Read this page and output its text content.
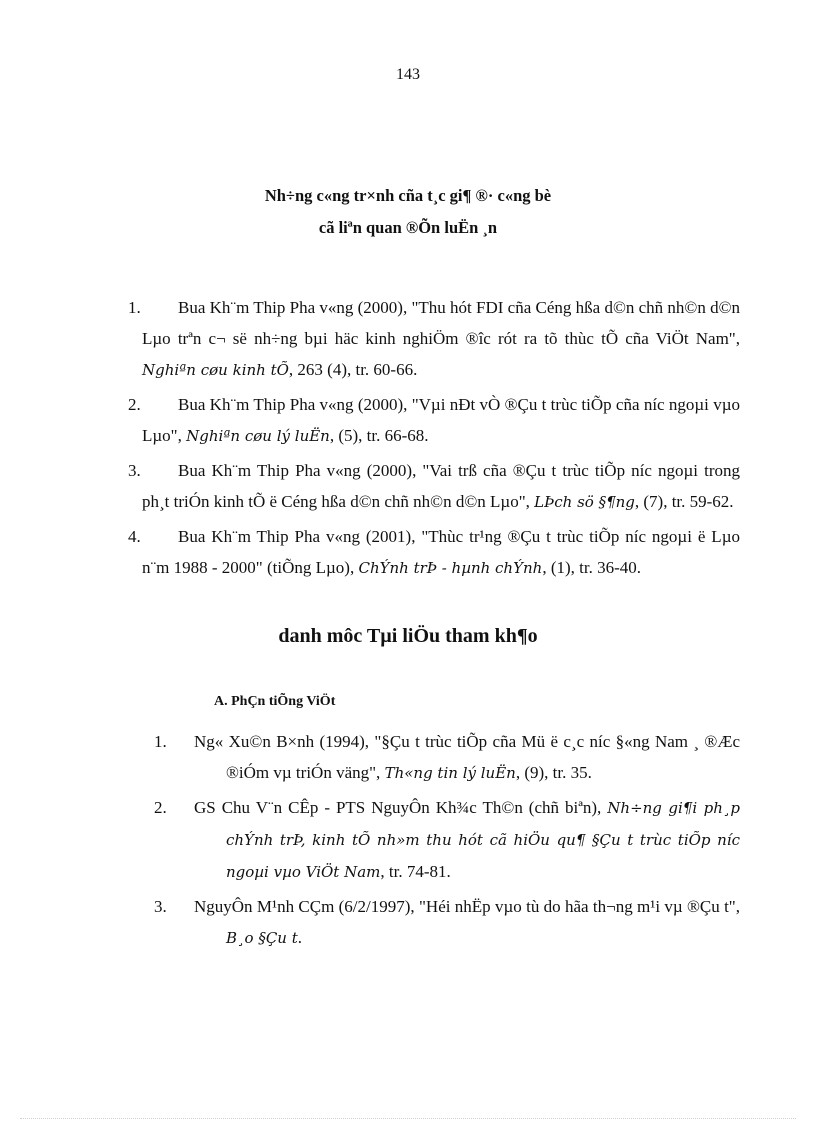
143
Nh÷ng c«ng tr×nh cña t¸c gi¶ ®· c«ng bè
cã liªn quan ®Õn luËn ¸n
1.	Bua Kh¨m Thip Pha v«ng (2000), "Thu hót FDI cña Céng hßa d©n chñ nh©n d©n Lµo trªn c¬ së nh÷ng bµi häc kinh nghiÖm ®îc rót ra tõ thùc tÕ cña ViÖt Nam", Nghiªn cøu kinh tÕ, 263 (4), tr. 60-66.
2.	Bua Kh¨m Thip Pha v«ng (2000), "Vµi nÐt vÒ ®Çu t trùc tiÕp cña níc ngoµi vµo Lµo", Nghiªn cøu lý luËn, (5), tr. 66-68.
3.	Bua Kh¨m Thip Pha v«ng (2000), "Vai trß cña ®Çu t trùc tiÕp níc ngoµi trong ph¸t triÓn kinh tÕ ë Céng hßa d©n chñ nh©n d©n Lµo", LÞch sö §¶ng, (7), tr. 59-62.
4.	Bua Kh¨m Thip Pha v«ng (2001), "Thùc tr¹ng ®Çu t trùc tiÕp níc ngoµi ë Lµo n¨m 1988 - 2000" (tiÕng Lµo), ChÝnh trÞ - hµnh chÝnh, (1), tr. 36-40.
danh môc Tµi liÖu tham kh¶o
A. PhÇn tiÕng ViÖt
1.	Ng« Xu©n B×nh (1994), "§Çu t trùc tiÕp cña Mü ë c¸c níc §«ng Nam ¸ ®Æc ®iÓm vµ triÓn väng", Th«ng tin lý luËn, (9), tr. 35.
2.	GS Chu V¨n CÊp - PTS NguyÔn Kh¾c Th©n (chñ biªn), Nh÷ng gi¶i ph¸p chÝnh trÞ, kinh tÕ nh»m thu hót cã hiÖu qu¶ §Çu t trùc tiÕp níc ngoµi vµo ViÖt Nam, tr. 74-81.
3.	NguyÔn M¹nh CÇm (6/2/1997), "Héi nhËp vµo tù do hãa th¬ng m¹i vµ ®Çu t", B¸o §Çu t.
